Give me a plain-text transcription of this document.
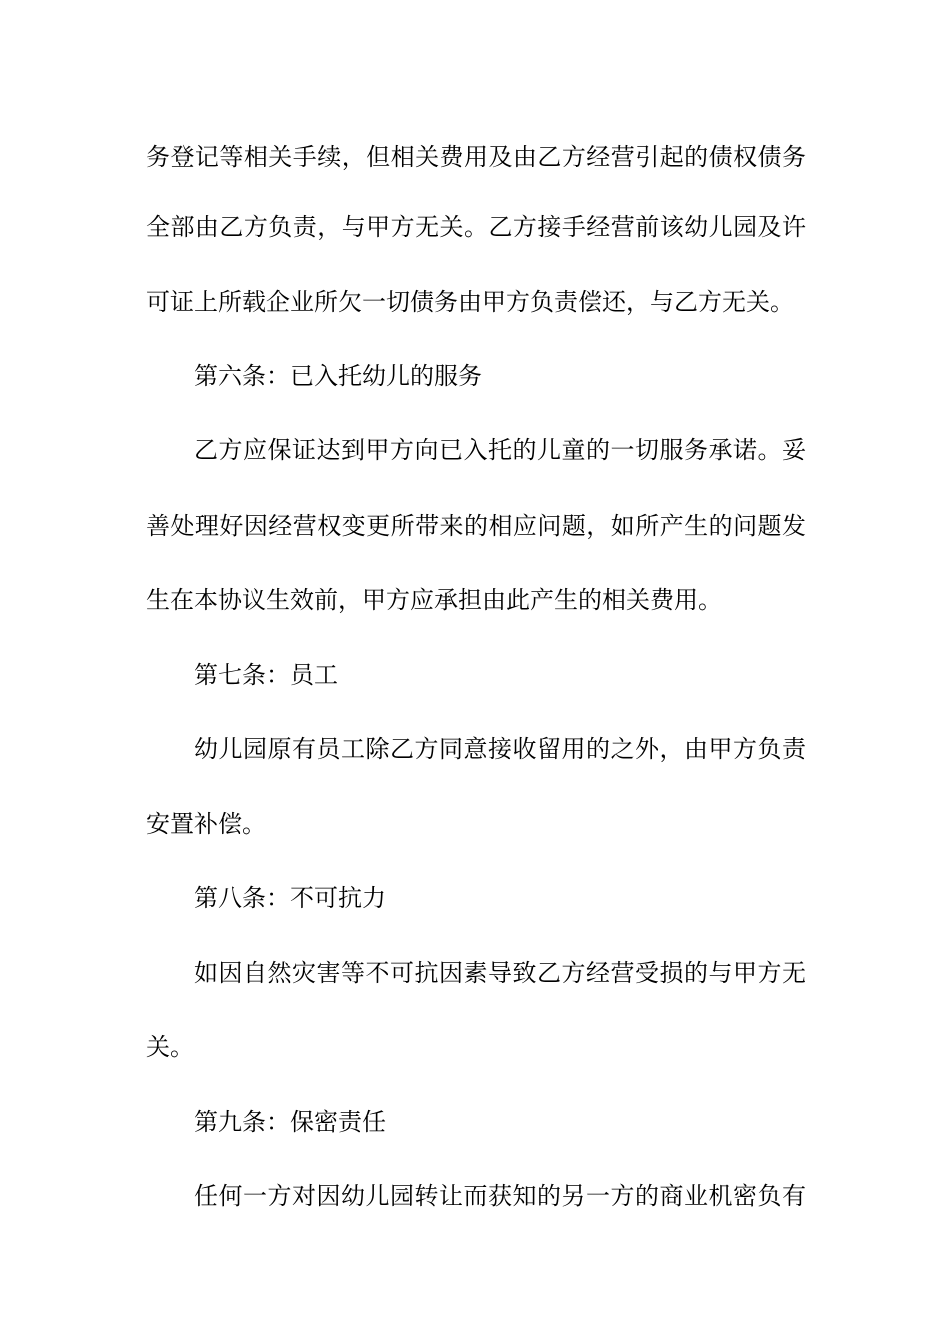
务登记等相关手续，但相关费用及由乙方经营引起的债权债务
全部由乙方负责，与甲方无关。乙方接手经营前该幼儿园及许
可证上所载企业所欠一切债务由甲方负责偿还，与乙方无关。
第六条：已入托幼儿的服务
乙方应保证达到甲方向已入托的儿童的一切服务承诺。妥
善处理好因经营权变更所带来的相应问题，如所产生的问题发
生在本协议生效前，甲方应承担由此产生的相关费用。
第七条：员工
幼儿园原有员工除乙方同意接收留用的之外，由甲方负责
安置补偿。
第八条：不可抗力
如因自然灾害等不可抗因素导致乙方经营受损的与甲方无
关。
第九条：保密责任
任何一方对因幼儿园转让而获知的另一方的商业机密负有
